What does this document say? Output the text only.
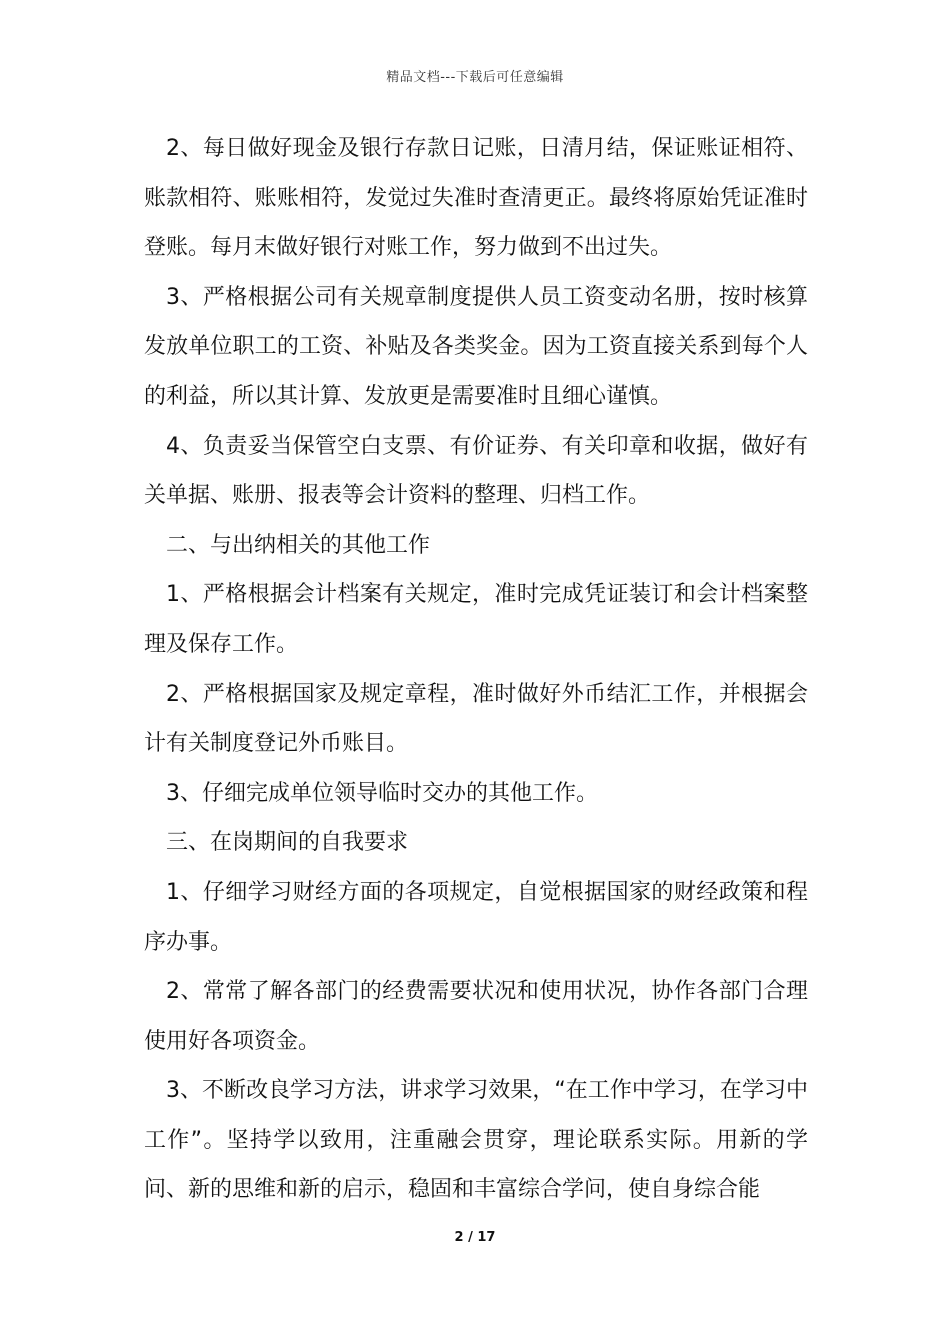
精品文档---下载后可任意编辑

2、每日做好现金及银行存款日记账，日清月结，保证账证相符、账款相符、账账相符，发觉过失准时查清更正。最终将原始凭证准时登账。每月末做好银行对账工作，努力做到不出过失。

3、严格根据公司有关规章制度提供人员工资变动名册，按时核算发放单位职工的工资、补贴及各类奖金。因为工资直接关系到每个人的利益，所以其计算、发放更是需要准时且细心谨慎。

4、负责妥当保管空白支票、有价证券、有关印章和收据，做好有关单据、账册、报表等会计资料的整理、归档工作。

二、与出纳相关的其他工作

1、严格根据会计档案有关规定，准时完成凭证装订和会计档案整理及保存工作。

2、严格根据国家及规定章程，准时做好外币结汇工作，并根据会计有关制度登记外币账目。

3、仔细完成单位领导临时交办的其他工作。

三、在岗期间的自我要求

1、仔细学习财经方面的各项规定，自觉根据国家的财经政策和程序办事。

2、常常了解各部门的经费需要状况和使用状况，协作各部门合理使用好各项资金。

3、不断改良学习方法，讲求学习效果，“在工作中学习，在学习中工作”。坚持学以致用，注重融会贯穿，理论联系实际。用新的学问、新的思维和新的启示，稳固和丰富综合学问，使自身综合能

2 / 17
